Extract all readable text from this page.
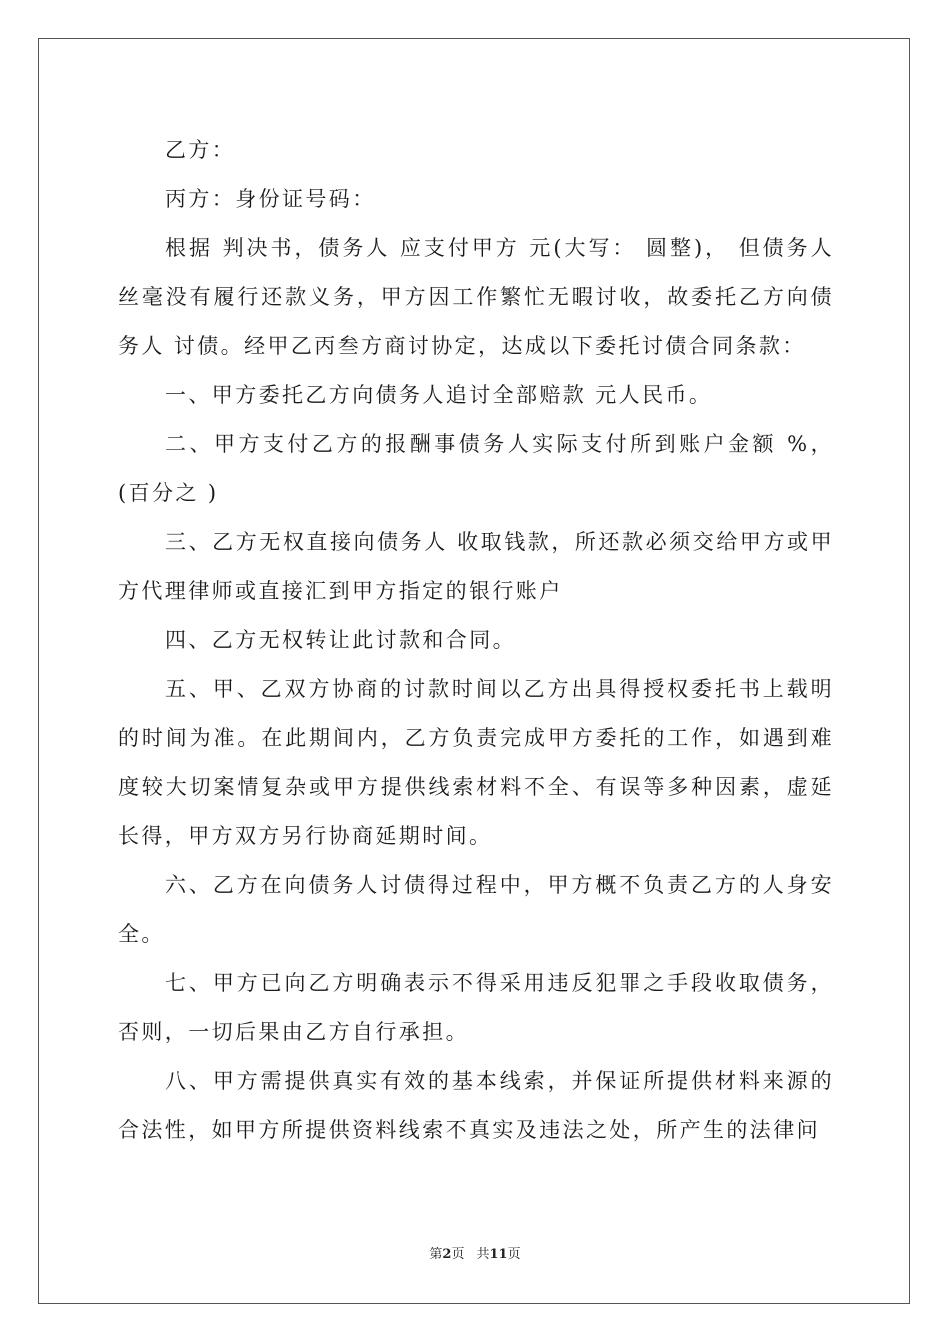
乙方：

丙方：身份证号码：

根据 判决书，债务人 应支付甲方 元(大写： 圆整)， 但债务人丝毫没有履行还款义务，甲方因工作繁忙无暇讨收，故委托乙方向债务人 讨债。经甲乙丙叁方商讨协定，达成以下委托讨债合同条款：

一、甲方委托乙方向债务人追讨全部赔款 元人民币。

二、甲方支付乙方的报酬事债务人实际支付所到账户金额 %，(百分之 )

三、乙方无权直接向债务人 收取钱款，所还款必须交给甲方或甲方代理律师或直接汇到甲方指定的银行账户

四、乙方无权转让此讨款和合同。

五、甲、乙双方协商的讨款时间以乙方出具得授权委托书上载明的时间为准。在此期间内，乙方负责完成甲方委托的工作，如遇到难度较大切案情复杂或甲方提供线索材料不全、有误等多种因素，虚延长得，甲方双方另行协商延期时间。

六、乙方在向债务人讨债得过程中，甲方概不负责乙方的人身安全。

七、甲方已向乙方明确表示不得采用违反犯罪之手段收取债务，否则，一切后果由乙方自行承担。

八、甲方需提供真实有效的基本线索，并保证所提供材料来源的合法性，如甲方所提供资料线索不真实及违法之处，所产生的法律问

第2页 共11页
